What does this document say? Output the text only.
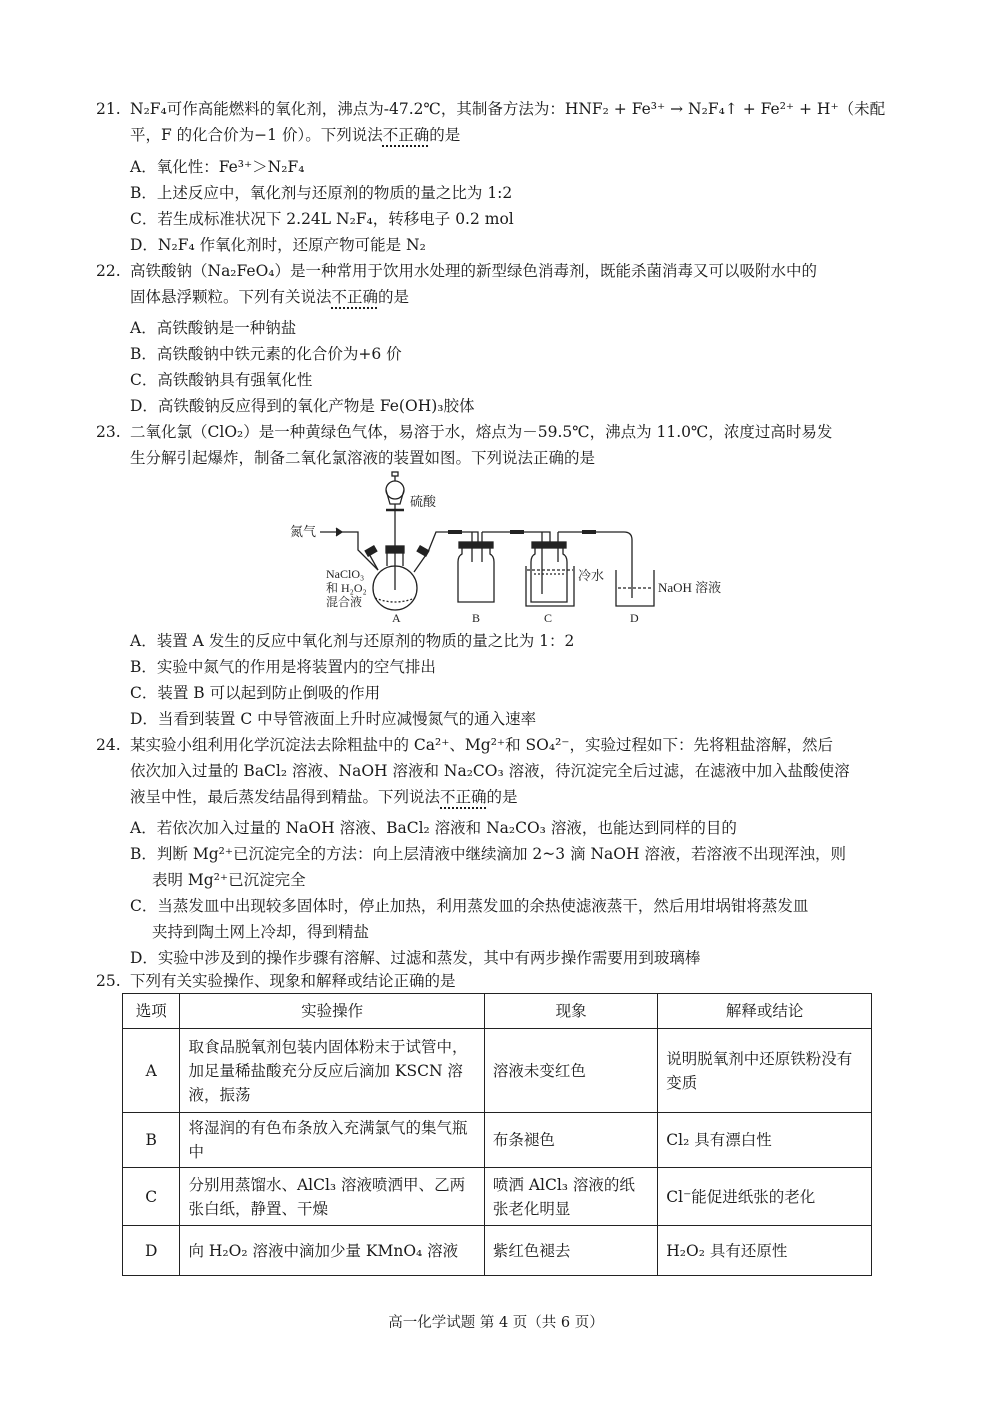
21. N₂F₄可作高能燃料的氧化剂，沸点为-47.2℃，其制备方法为：HNF₂ + Fe³⁺ → N₂F₄↑ + Fe²⁺ + H⁺（未配
平，F 的化合价为−1 价）。下列说法不正确的是
A．氧化性：Fe³⁺＞N₂F₄
B．上述反应中，氧化剂与还原剂的物质的量之比为 1:2
C．若生成标准状况下 2.24L N₂F₄，转移电子 0.2 mol
D．N₂F₄ 作氧化剂时，还原产物可能是 N₂
22. 高铁酸钠（Na₂FeO₄）是一种常用于饮用水处理的新型绿色消毒剂，既能杀菌消毒又可以吸附水中的
固体悬浮颗粒。下列有关说法不正确的是
A．高铁酸钠是一种钠盐
B．高铁酸钠中铁元素的化合价为+6 价
C．高铁酸钠具有强氧化性
D．高铁酸钠反应得到的氧化产物是 Fe(OH)₃胶体
23. 二氧化氯（ClO₂）是一种黄绿色气体，易溶于水，熔点为－59.5℃，沸点为 11.0℃，浓度过高时易发
生分解引起爆炸，制备二氧化氯溶液的装置如图。下列说法正确的是
硫酸
氮气
NaClO₃
和 H₂O₂
混合液
A	B
冷水
C
NaOH 溶液
D
A．装置 A 发生的反应中氧化剂与还原剂的物质的量之比为 1：2
B．实验中氮气的作用是将装置内的空气排出
C．装置 B 可以起到防止倒吸的作用
D．当看到装置 C 中导管液面上升时应减慢氮气的通入速率
24. 某实验小组利用化学沉淀法去除粗盐中的 Ca²⁺、Mg²⁺和 SO₄²⁻，实验过程如下：先将粗盐溶解，然后
依次加入过量的 BaCl₂ 溶液、NaOH 溶液和 Na₂CO₃ 溶液，待沉淀完全后过滤，在滤液中加入盐酸使溶
液呈中性，最后蒸发结晶得到精盐。下列说法不正确的是
A．若依次加入过量的 NaOH 溶液、BaCl₂ 溶液和 Na₂CO₃ 溶液，也能达到同样的目的
B．判断 Mg²⁺已沉淀完全的方法：向上层清液中继续滴加 2~3 滴 NaOH 溶液，若溶液不出现浑浊，则
表明 Mg²⁺已沉淀完全
C．当蒸发皿中出现较多固体时，停止加热，利用蒸发皿的余热使滤液蒸干，然后用坩埚钳将蒸发皿
夹持到陶土网上冷却，得到精盐
D．实验中涉及到的操作步骤有溶解、过滤和蒸发，其中有两步操作需要用到玻璃棒
25. 下列有关实验操作、现象和解释或结论正确的是
选项	实验操作	现象	解释或结论
A	取食品脱氧剂包装内固体粉末于试管中，加足量稀盐酸充分反应后滴加 KSCN 溶液，振荡	溶液未变红色	说明脱氧剂中还原铁粉没有变质
B	将湿润的有色布条放入充满氯气的集气瓶中	布条褪色	Cl₂ 具有漂白性
C	分别用蒸馏水、AlCl₃ 溶液喷洒甲、乙两张白纸，静置、干燥	喷洒 AlCl₃ 溶液的纸张老化明显	Cl⁻能促进纸张的老化
D	向 H₂O₂ 溶液中滴加少量 KMnO₄ 溶液	紫红色褪去	H₂O₂ 具有还原性
高一化学试题 第 4 页（共 6 页）
